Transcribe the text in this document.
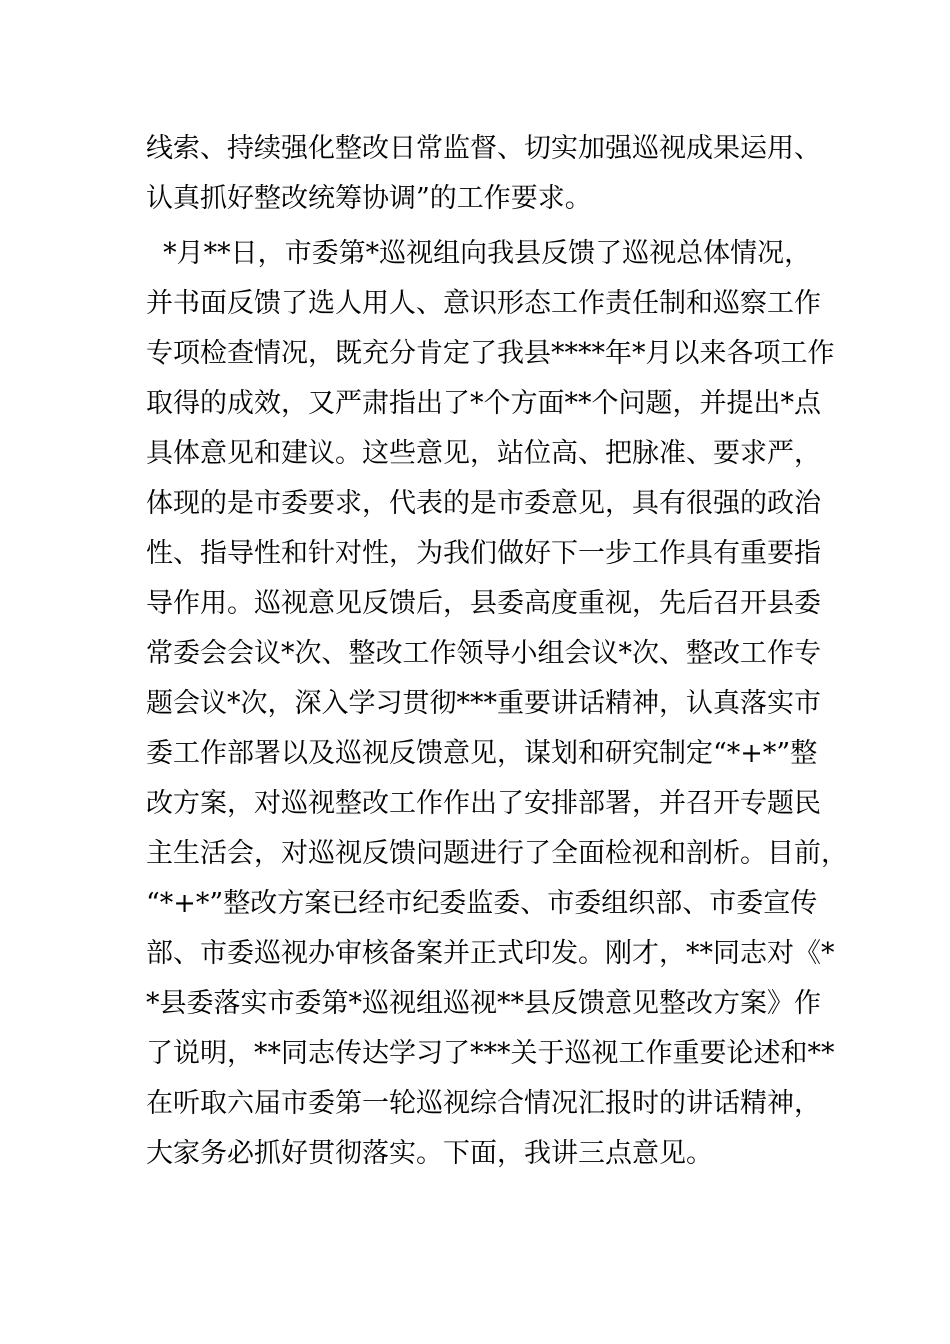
线索、持续强化整改日常监督、切实加强巡视成果运用、
认真抓好整改统筹协调”的工作要求。
*月**日，市委第*巡视组向我县反馈了巡视总体情况，
并书面反馈了选人用人、意识形态工作责任制和巡察工作
专项检查情况，既充分肯定了我县****年*月以来各项工作
取得的成效，又严肃指出了*个方面**个问题，并提出*点
具体意见和建议。这些意见，站位高、把脉准、要求严，
体现的是市委要求，代表的是市委意见，具有很强的政治
性、指导性和针对性，为我们做好下一步工作具有重要指
导作用。巡视意见反馈后，县委高度重视，先后召开县委
常委会会议*次、整改工作领导小组会议*次、整改工作专
题会议*次，深入学习贯彻***重要讲话精神，认真落实市
委工作部署以及巡视反馈意见，谋划和研究制定“*+*”整
改方案，对巡视整改工作作出了安排部署，并召开专题民
主生活会，对巡视反馈问题进行了全面检视和剖析。目前，
“*+*”整改方案已经市纪委监委、市委组织部、市委宣传
部、市委巡视办审核备案并正式印发。刚才，**同志对《*
*县委落实市委第*巡视组巡视**县反馈意见整改方案》作
了说明，**同志传达学习了***关于巡视工作重要论述和**
在听取六届市委第一轮巡视综合情况汇报时的讲话精神，
大家务必抓好贯彻落实。下面，我讲三点意见。
